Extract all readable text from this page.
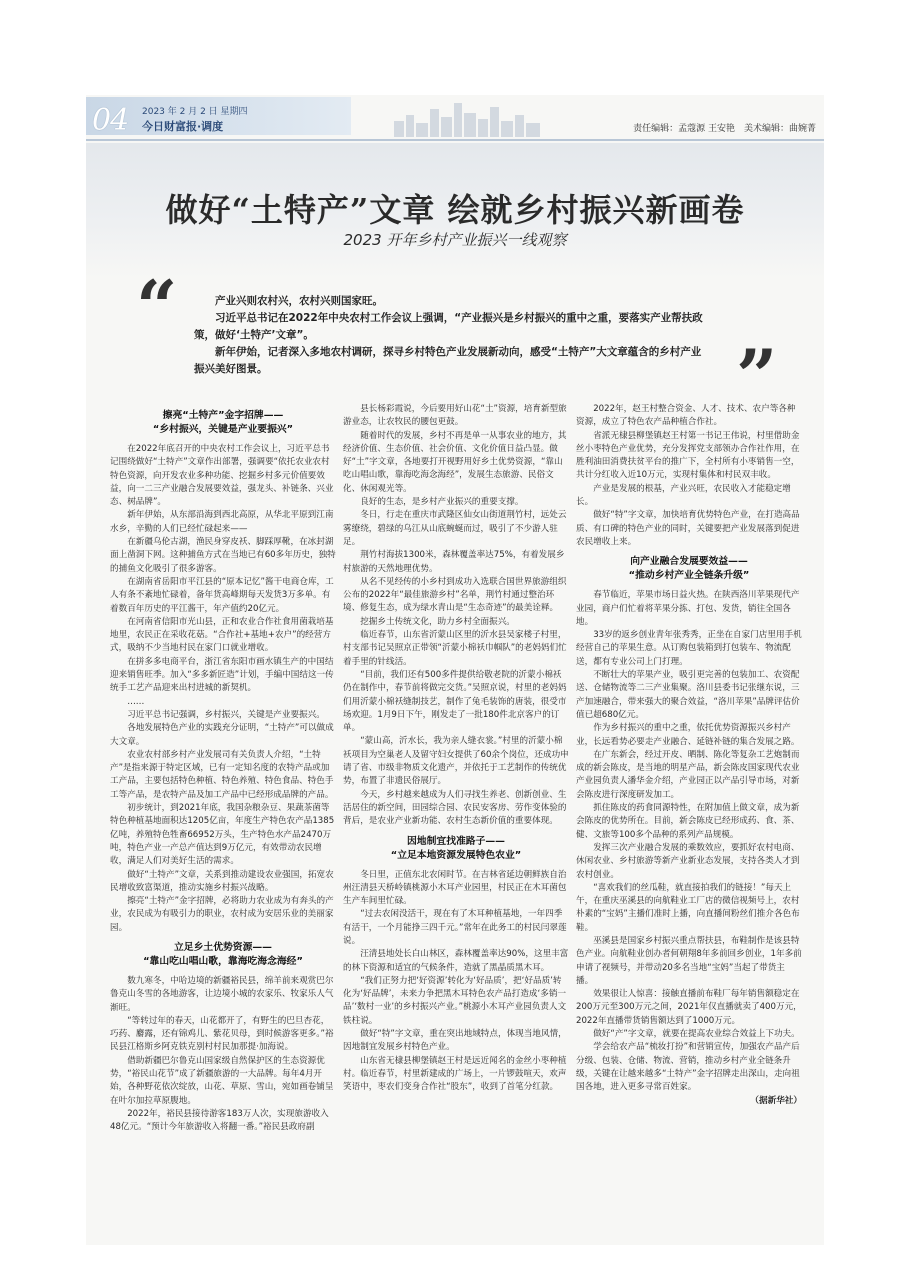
04 2023 年 2 月 2 日 星期四
今日财富报·调度	责任编辑：孟蔻源 王安艳　美术编辑：曲婉菁
做好“土特产”文章 绘就乡村振兴新画卷
2023 开年乡村产业振兴一线观察
“
”

产业兴则农村兴，农村兴则国家旺。

习近平总书记在2022年中央农村工作会议上强调，“产业振兴是乡村振兴的重中之重，要落实产业帮扶政策，做好‘土特产’文章”。

新年伊始，记者深入多地农村调研，探寻乡村特色产业发展新动向，感受“土特产”大文章蕴含的乡村产业振兴美好图景。

擦亮“土特产”金字招牌——
“乡村振兴，关键是产业要振兴”

在2022年底召开的中央农村工作会议上，习近平总书记围绕做好“土特产”文章作出部署，强调要“依托农业农村特色资源，向开发农业多种功能、挖掘乡村多元价值要效益，向一二三产业融合发展要效益，强龙头、补链条、兴业态、树品牌”。

新年伊始，从东部沿海到西北高原，从华北平原到江南水乡，辛勤的人们已经忙碌起来——

在新疆乌伦古湖，渔民身穿皮袄、脚踩厚靴，在冰封湖面上凿洞下网。这种捕鱼方式在当地已有60多年历史，独特的捕鱼文化吸引了很多游客。

在湖南省岳阳市平江县的“原本记忆”酱干电商仓库，工人有条不紊地忙碌着，备年货高峰期每天发货3万多单。有着数百年历史的平江酱干，年产值约20亿元。

在河南省信阳市光山县，正和农业合作社食用菌栽培基地里，农民正在采收花菇。“合作社+基地+农户”的经营方式，吸纳不少当地村民在家门口就业增收。

在拼多多电商平台，浙江省东阳市画水镇生产的中国结迎来销售旺季。加入“多多新匠造”计划，手编中国结这一传统手工艺产品迎来出村进城的新契机。

……

习近平总书记强调，乡村振兴，关键是产业要振兴。

各地发展特色产业的实践充分证明，“土特产”可以做成大文章。

农业农村部乡村产业发展司有关负责人介绍，“土特产”是指来源于特定区域，已有一定知名度的农特产品或加工产品，主要包括特色种植、特色养殖、特色食品、特色手工等产品，是农特产品及加工产品中已经形成品牌的产品。

初步统计，到2021年底，我国杂粮杂豆、果蔬茶菌等特色种植基地面积达1205亿亩，年度生产特色农产品1385亿吨，养殖特色牲畜66952万头，生产特色水产品2470万吨，特色产业一产总产值达到9万亿元，有效带动农民增收，满足人们对美好生活的需求。

做好“土特产”文章，关系到推动建设农业强国，拓宽农民增收致富渠道，推动实施乡村振兴战略。

擦亮“土特产”金字招牌，必将助力农业成为有奔头的产业，农民成为有吸引力的职业，农村成为安居乐业的美丽家园。

立足乡土优势资源——
“靠山吃山唱山歌，靠海吃海念海经”

数九寒冬，中哈边境的新疆裕民县，绵羊前来观赏巴尔鲁克山冬雪的各地游客，让边境小城的农家乐、牧家乐人气渐旺。

“等转过年的春天，山花都开了，有野生的巴旦杏花，巧药、麝露，还有锦鸡儿、紫花贝母，到时候游客更多。”裕民县江格斯乡阿克铁克别村村民加那提·加海说。

借助新疆巴尔鲁克山国家级自然保护区的生态资源优势，“裕民山花节”成了新疆旅游的一大品牌。每年4月开始，各种野花依次绽放，山花、草原、雪山，宛如画卷铺呈在叶尔加拉草原腹地。

2022年，裕民县接待游客183万人次，实现旅游收入48亿元。“预计今年旅游收入将翻一番。”裕民县政府副

县长杨彩霞说，今后要用好山花“土”资源，培育新型旅游业态，让农牧民的腰包更鼓。

随着时代的发展，乡村不再是单一从事农业的地方，其经济价值、生态价值、社会价值、文化价值日益凸显。做好“土”字文章，各地要打开视野用好乡土优势资源，“靠山吃山唱山歌，靠海吃海念海经”，发展生态旅游、民俗文化、休闲观光等。

良好的生态，是乡村产业振兴的重要支撑。

冬日，行走在重庆市武隆区仙女山街道荆竹村，远处云雾缭绕，碧绿的乌江从山底蜿蜒而过，吸引了不少游人驻足。

荆竹村海拔1300米，森林覆盖率达75%，有着发展乡村旅游的天然地理优势。

从名不见经传的小乡村到成功入选联合国世界旅游组织公布的2022年“最佳旅游乡村”名单，荆竹村通过整治环境、修复生态，成为绿水青山是“生态奇迹”的最美诠释。

挖掘乡土传统文化，助力乡村全面振兴。

临近春节，山东省沂蒙山区里的沂水县吴家楼子村里，村支部书记吴照京正带领“沂蒙小棉袄巾帼队”的老妈妈们忙着手里的针线活。

“目前，我们还有500多件提供给敬老院的沂蒙小棉袄仍在制作中，春节前将做完交货。”吴照京说，村里的老妈妈们用沂蒙小棉袄缝制技艺，制作了兔毛装饰的唐装，很受市场欢迎。1月9日下午，刚发走了一批180件北京客户的订单。

“蒙山高，沂水长，我为亲人缝衣裳。”村里的沂蒙小棉袄项目为空巢老人及留守妇女提供了60余个岗位，还成功申请了省、市级非物质文化遗产，并依托于工艺制作的传统优势，布置了非遗民俗展厅。

今天，乡村越来越成为人们寻找生养老、创新创业、生活居住的新空间，田园综合园、农民安客房、劳作变体验的背后，是农业产业新功能、农村生态新价值的重要体现。

因地制宜找准路子——
“立足本地资源发展特色农业”

冬日里，正值东北农闲时节。在吉林省延边朝鲜族自治州汪清县天桥岭镇桃源小木耳产业园里，村民正在木耳菌包生产车间里忙碌。

“过去农闲没活干，现在有了木耳种植基地，一年四季有活干，一个月能挣三四千元。”常年在此务工的村民闫翠莲说。

汪清县地处长白山林区，森林覆盖率达90%，这里丰富的林下资源和适宜的气候条件，造就了黑晶质黑木耳。

“我们正努力把‘好资源’转化为‘好品质’，把‘好品质’转化为‘好品牌’，未来力争把黑木耳特色农产品打造成‘多销一品’‘数村一业’的乡村振兴产业。”桃源小木耳产业园负责人文铁柱说。

做好“特”字文章，重在突出地域特点，体现当地风情，因地制宜发展乡村特色产业。

山东省无棣县柳堡镇赵王村是远近闻名的金丝小枣种植村。临近春节，村里新建成的广场上，一片锣鼓喧天，欢声笑语中，枣农们变身合作社“股东”，收到了首笔分红款。

2022年，赵王村整合资金、人才、技术、农户等各种资源，成立了特色农产品种植合作社。

省派无棣县柳堡镇赵王村第一书记王伟说，村里借助金丝小枣特色产业优势，充分发挥党支部领办合作社作用，在胜利油田消费扶贫平台的推广下，全村所有小枣销售一空，共计分红收入近10万元，实现村集体和村民双丰收。

产业是发展的根基，产业兴旺，农民收入才能稳定增长。

做好“特”字文章，加快培育优势特色产业，在打造高品质、有口碑的特色产业的同时，关键要把产业发展落到促进农民增收上来。

向产业融合发展要效益——
“推动乡村产业全链条升级”

春节临近，苹果市场日益火热。在陕西洛川苹果现代产业园，商户们忙着将苹果分拣、打包、发货，销往全国各地。

33岁的返乡创业青年张秀秀，正坐在自家门店里用手机经营自己的苹果生意。从订购包装箱到打包装车、物流配送，都有专业公司上门打理。

不断壮大的苹果产业，吸引更完善的包装加工、农资配送、仓储物流等二三产业集聚。洛川县委书记张继东说，三产加速融合，带来强大的聚合效益，“洛川苹果”品牌评估价值已超680亿元。

作为乡村振兴的重中之重，依托优势资源振兴乡村产业，长远看势必要走产业融合、延链补链的集合发展之路。

在广东新会，经过开皮、晒制、陈化等复杂工艺炮制而成的新会陈皮，是当地的明星产品，新会陈皮国家现代农业产业园负责人潘华金介绍，产业园正以产品引导市场，对新会陈皮进行深度研发加工。

抓住陈皮的药食同源特性，在附加值上做文章，成为新会陈皮的优势所在。目前，新会陈皮已经形成药、食、茶、健、文旅等100多个品种的系列产品规模。

发挥三次产业融合发展的乘数效应，要抓好农村电商、休闲农业、乡村旅游等新产业新业态发展，支持各类人才到农村创业。

“喜欢我们的丝瓜鞋，就直接拍我们的链接！”每天上午，在重庆巫溪县的向航鞋业工厂店的微信视频号上，农村朴素的“宝妈”主播们准时上播，向直播间粉丝们推介各色布鞋。

巫溪县是国家乡村振兴重点帮扶县，布鞋制作是该县特色产业。向航鞋业创办者何朝翔8年多前回乡创业，1年多前申请了视频号，并带动20多名当地“宝妈”当起了带货主播。

效果很让人惊喜：接触直播前布鞋厂每年销售额稳定在200万元至300万元之间，2021年仅直播就卖了400万元，2022年直播带货销售额达到了1000万元。

做好“产”字文章，就要在提高农业综合效益上下功夫。

学会给农产品“梳妆打扮”和营销宣传，加强农产品产后分级、包装、仓储、物流、营销，推动乡村产业全链条升级，关键在让越来越多“土特产”金字招牌走出深山，走向祖国各地，进入更多寻常百姓家。

（据新华社）
